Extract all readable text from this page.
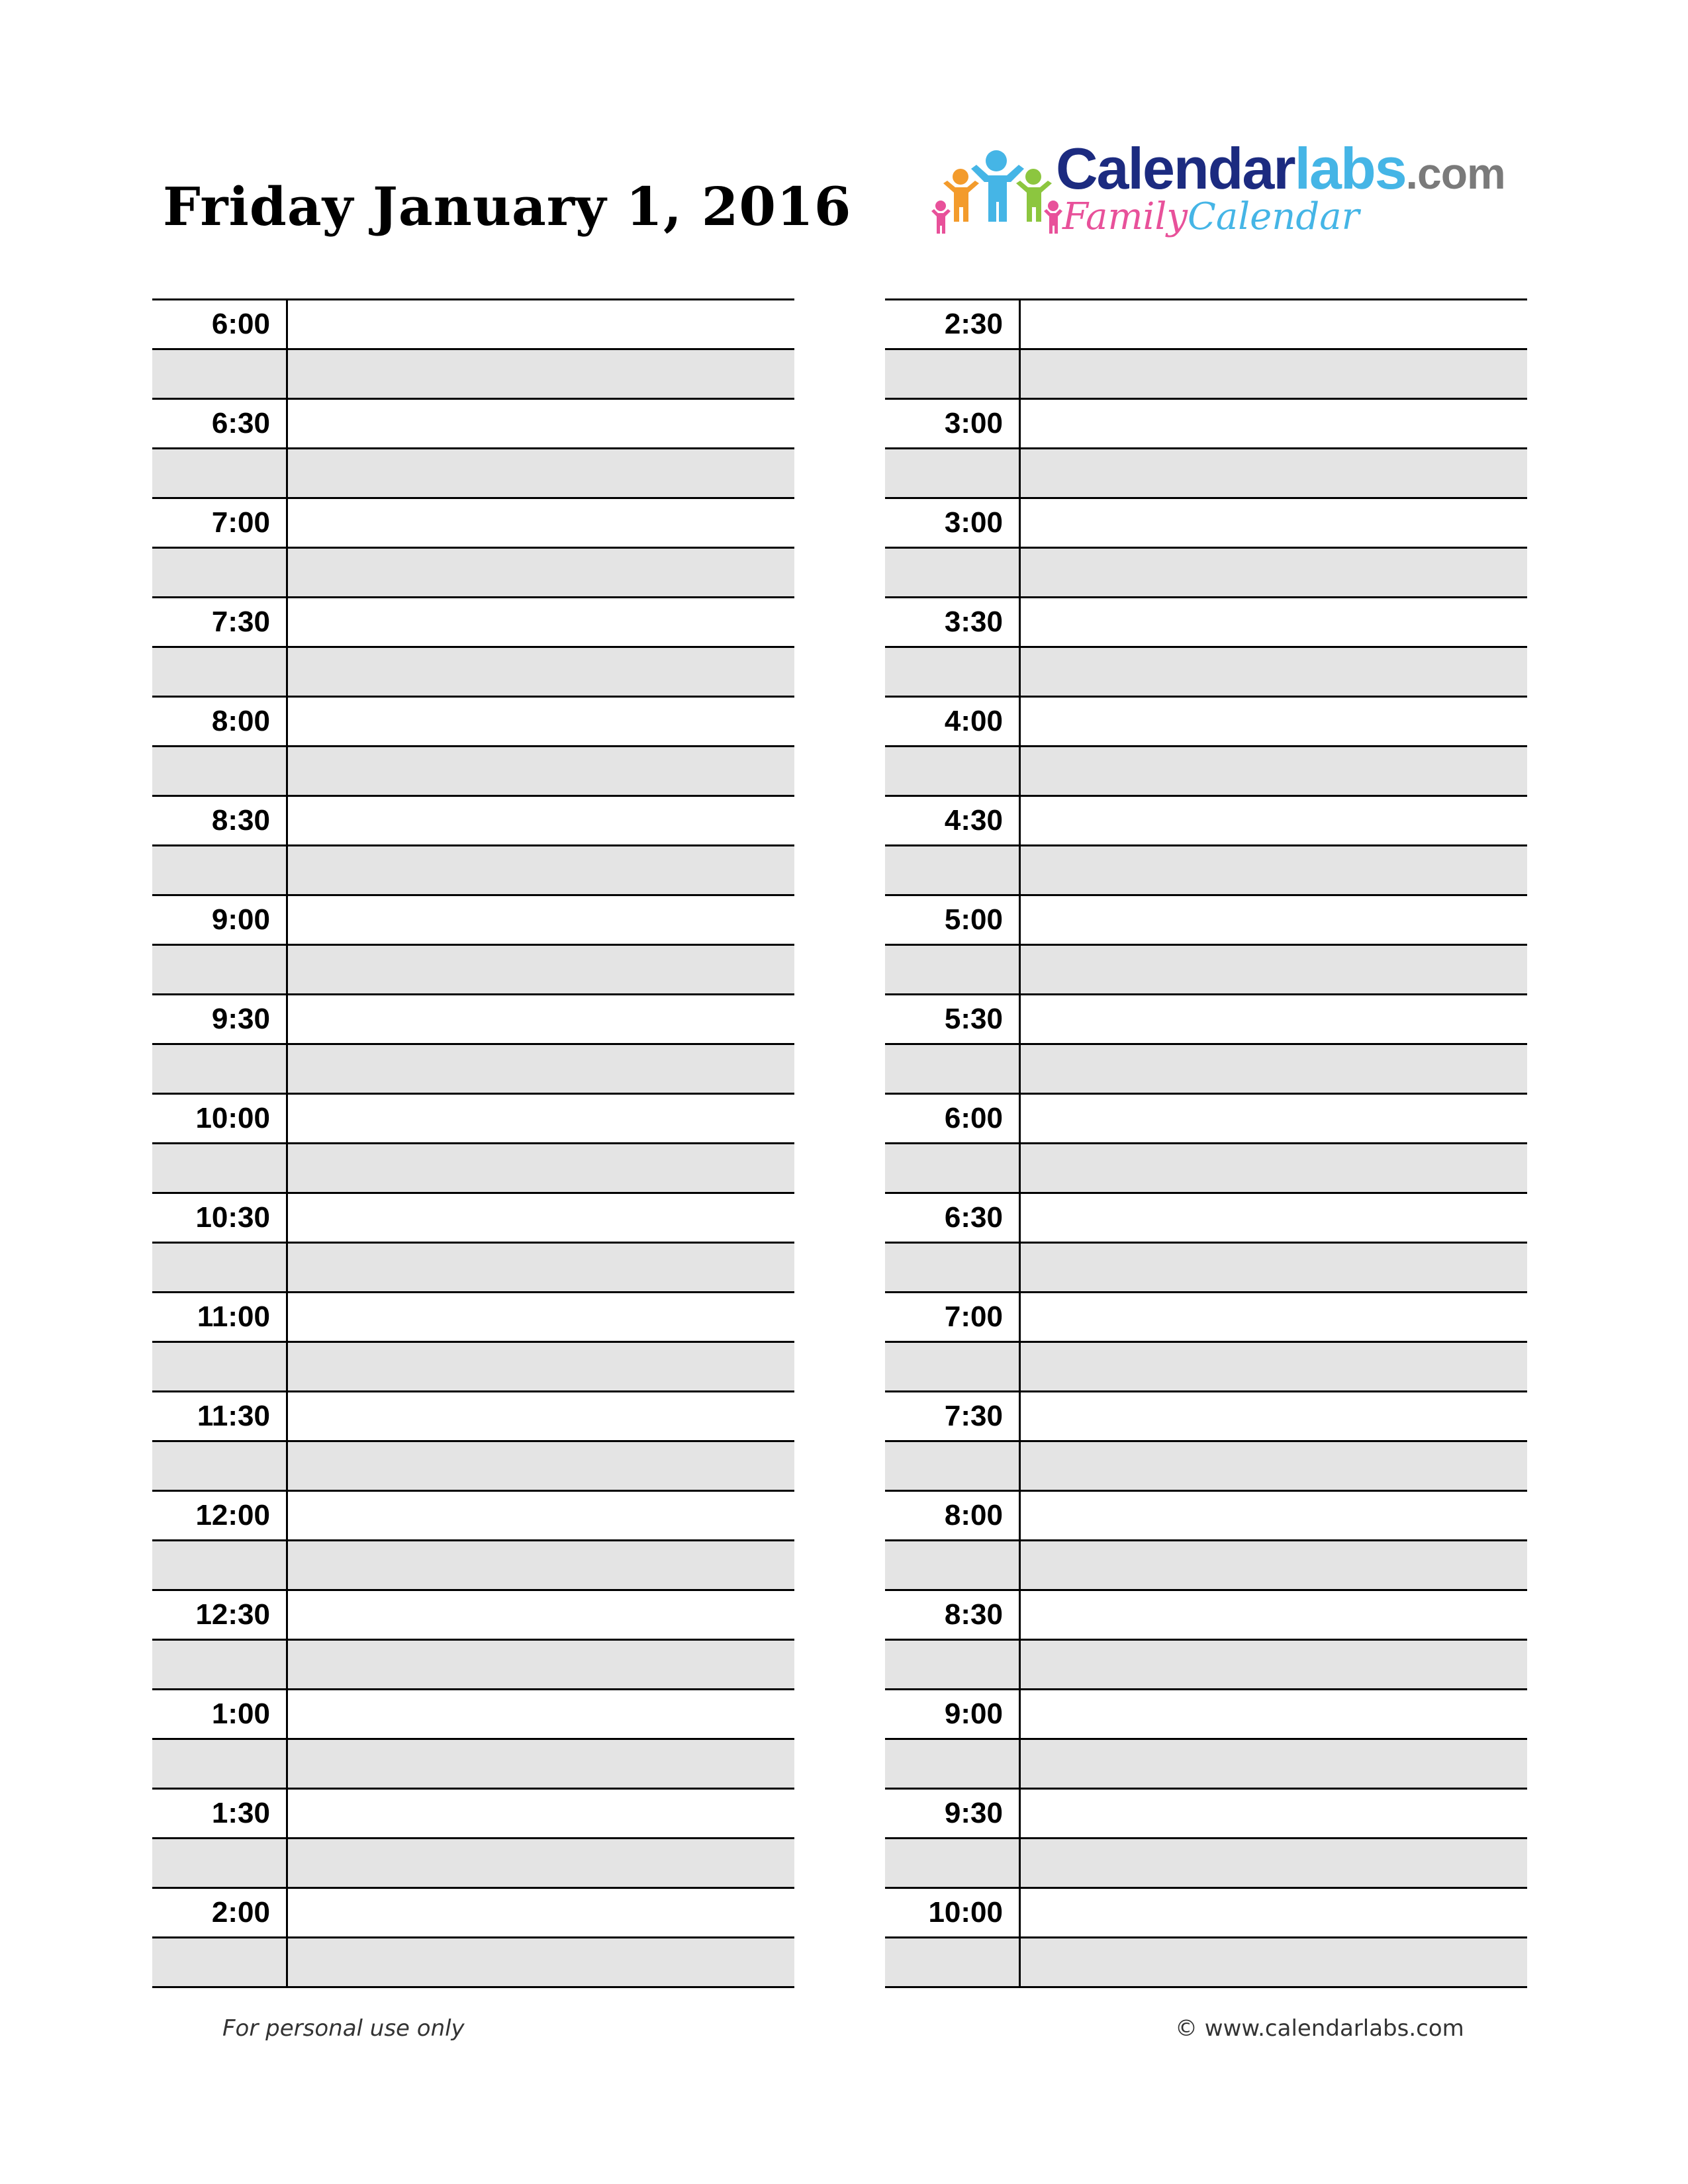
Friday January 1, 2016
Calendarlabs.com
FamilyCalendar
6:00
6:30
7:00
7:30
8:00
8:30
9:00
9:30
10:00
10:30
11:00
11:30
12:00
12:30
1:00
1:30
2:00
2:30
3:00
3:00
3:30
4:00
4:30
5:00
5:30
6:00
6:30
7:00
7:30
8:00
8:30
9:00
9:30
10:00
For personal use only	© www.calendarlabs.com
